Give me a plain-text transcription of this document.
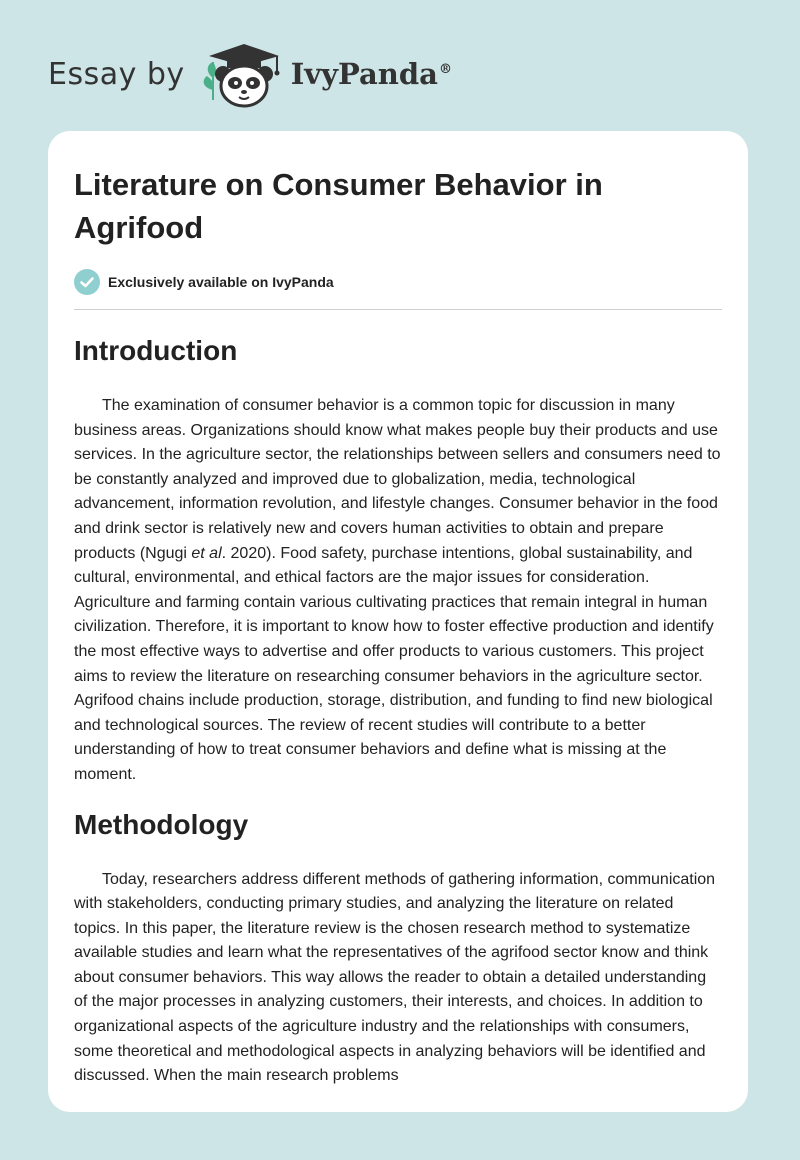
Essay by	IvyPanda®
Literature on Consumer Behavior in Agrifood
Exclusively available on IvyPanda
Introduction

The examination of consumer behavior is a common topic for discussion in many business areas. Organizations should know what makes people buy their products and use services. In the agriculture sector, the relationships between sellers and consumers need to be constantly analyzed and improved due to globalization, media, technological advancement, information revolution, and lifestyle changes. Consumer behavior in the food and drink sector is relatively new and covers human activities to obtain and prepare products (Ngugi et al. 2020). Food safety, purchase intentions, global sustainability, and cultural, environmental, and ethical factors are the major issues for consideration. Agriculture and farming contain various cultivating practices that remain integral in human civilization. Therefore, it is important to know how to foster effective production and identify the most effective ways to advertise and offer products to various customers. This project aims to review the literature on researching consumer behaviors in the agriculture sector. Agrifood chains include production, storage, distribution, and funding to find new biological and technological sources. The review of recent studies will contribute to a better understanding of how to treat consumer behaviors and define what is missing at the moment.

Methodology

Today, researchers address different methods of gathering information, communication with stakeholders, conducting primary studies, and analyzing the literature on related topics. In this paper, the literature review is the chosen research method to systematize available studies and learn what the representatives of the agrifood sector know and think about consumer behaviors. This way allows the reader to obtain a detailed understanding of the major processes in analyzing customers, their interests, and choices. In addition to organizational aspects of the agriculture industry and the relationships with consumers, some theoretical and methodological aspects in analyzing behaviors will be identified and discussed. When the main research problems
